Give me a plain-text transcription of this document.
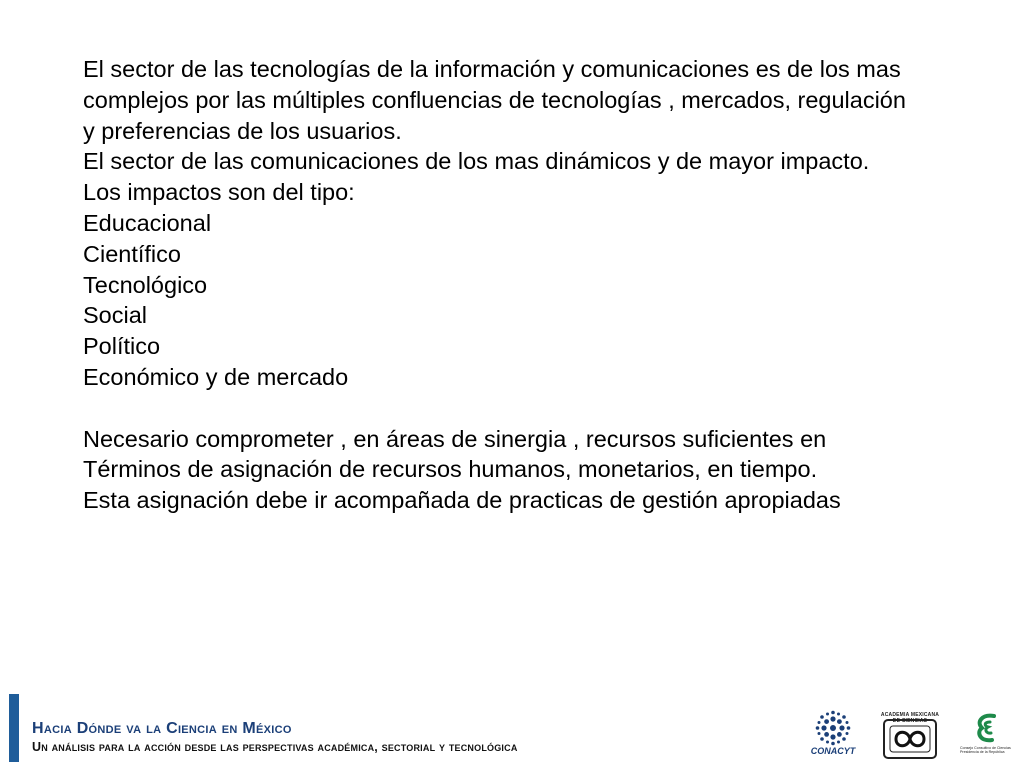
El sector de las tecnologías de la información y comunicaciones es de los mas complejos por las múltiples confluencias de tecnologías , mercados, regulación y preferencias de los usuarios.

El sector de las comunicaciones de los mas dinámicos y de mayor impacto.

Los impactos son del tipo:

Educacional

Científico

Tecnológico

Social

Político

Económico y de mercado

Necesario comprometer , en áreas de sinergia , recursos suficientes en Términos de asignación de recursos humanos, monetarios, en tiempo.

Esta asignación debe ir acompañada de practicas de gestión apropiadas

Hacia Dónde va la Ciencia en México
Un análisis para la acción desde las perspectivas académica, sectorial y tecnológica	CONACYT
ACADEMIA MEXICANA DE CIENCIAS
Consejo Consultivo de Ciencias Presidencia de la República
